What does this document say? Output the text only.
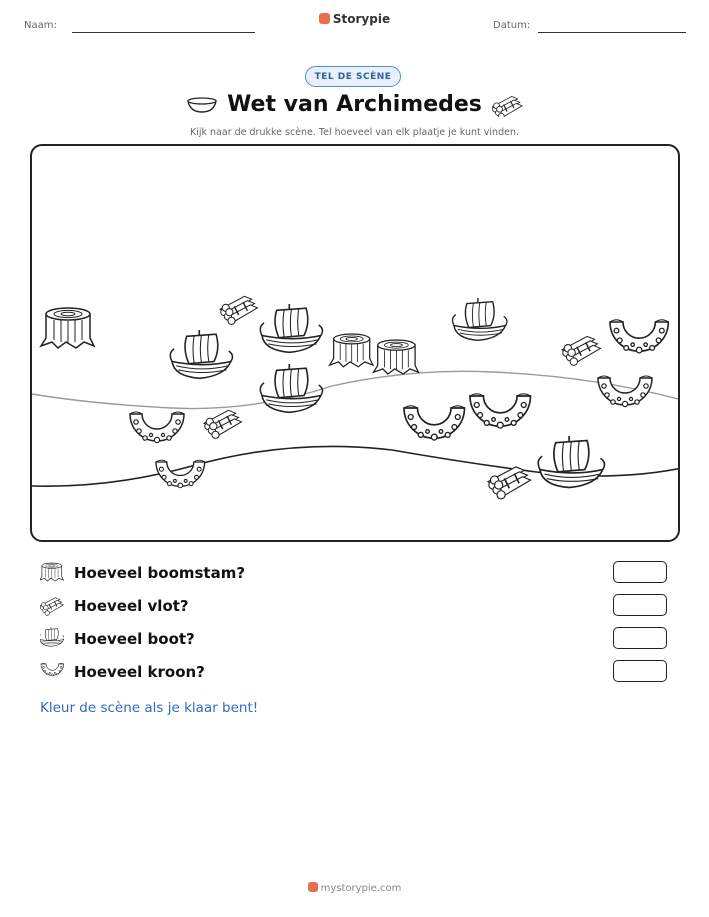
Naam:	Storypie	Datum:
TEL DE SCÈNE
Wet van Archimedes
Kijk naar de drukke scène. Tel hoeveel van elk plaatje je kunt vinden.
Hoeveel boomstam?
Hoeveel vlot?
Hoeveel boot?
Hoeveel kroon?
Kleur de scène als je klaar bent!
mystorypie.com
